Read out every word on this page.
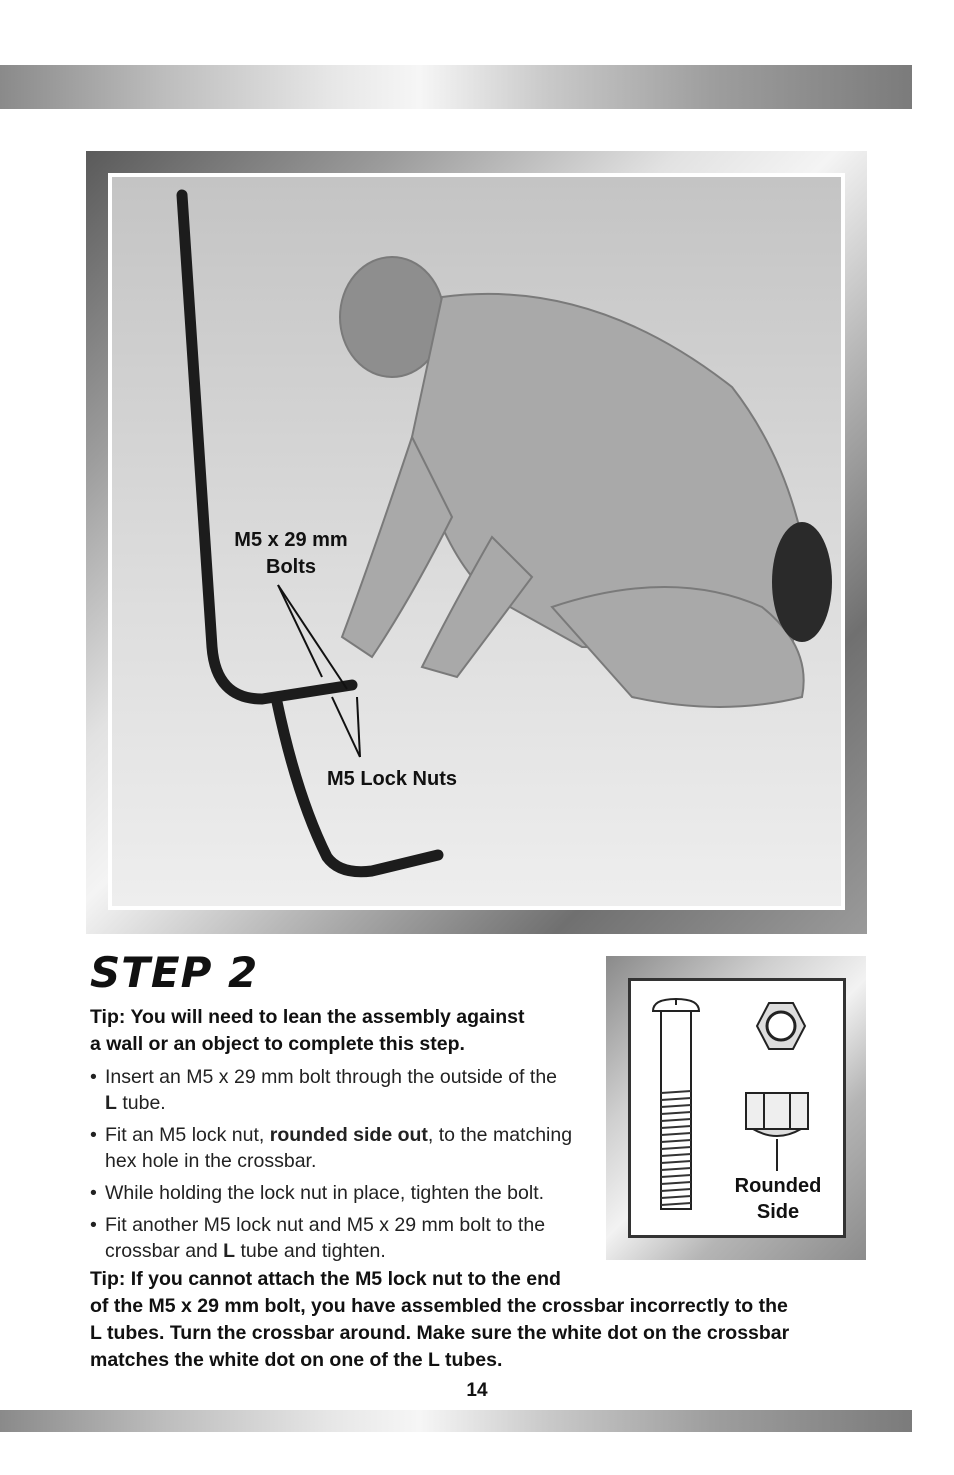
M5 x 29 mm
Bolts
M5 Lock Nuts
STEP 2

Tip: You will need to lean the assembly against
a wall or an object to complete this step.

• Insert an M5 x 29 mm bolt through the outside of the
L tube.
• Fit an M5 lock nut, rounded side out, to the matching hex hole in the crossbar.
• While holding the lock nut in place, tighten the bolt.
• Fit another M5 lock nut and M5 x 29 mm bolt to the crossbar and L tube and tighten.

Tip: If you cannot attach the M5 lock nut to the end
of the M5 x 29 mm bolt, you have assembled the crossbar incorrectly to the
L tubes. Turn the crossbar around. Make sure the white dot on the crossbar
matches the white dot on one of the L tubes.

Rounded
Side
14
